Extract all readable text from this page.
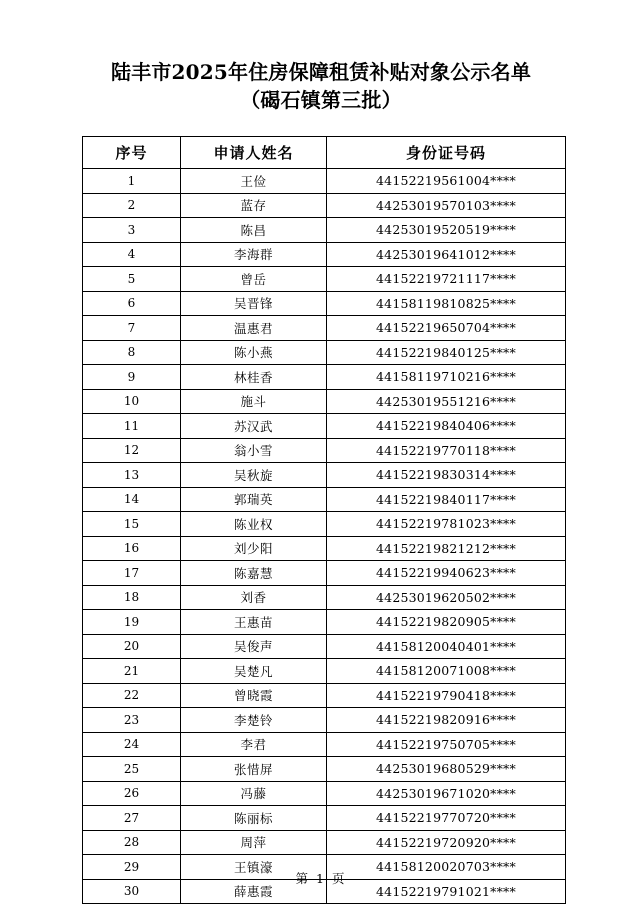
陆丰市2025年住房保障租赁补贴对象公示名单
（碣石镇第三批）
序号	申请人姓名	身份证号码
1	王俭	44152219561004****
2	蓝存	44253019570103****
3	陈昌	44253019520519****
4	李海群	44253019641012****
5	曾岳	44152219721117****
6	吴晋锋	44158119810825****
7	温惠君	44152219650704****
8	陈小燕	44152219840125****
9	林桂香	44158119710216****
10	施斗	44253019551216****
11	苏汉武	44152219840406****
12	翁小雪	44152219770118****
13	吴秋旋	44152219830314****
14	郭瑞英	44152219840117****
15	陈业权	44152219781023****
16	刘少阳	44152219821212****
17	陈嘉慧	44152219940623****
18	刘香	44253019620502****
19	王惠苗	44152219820905****
20	吴俊声	44158120040401****
21	吴楚凡	44158120071008****
22	曾晓霞	44152219790418****
23	李楚铃	44152219820916****
24	李君	44152219750705****
25	张惜屏	44253019680529****
26	冯藤	44253019671020****
27	陈丽标	44152219770720****
28	周萍	44152219720920****
29	王镇濠	44158120020703****
30	薛惠霞	44152219791021****
第 1 页
